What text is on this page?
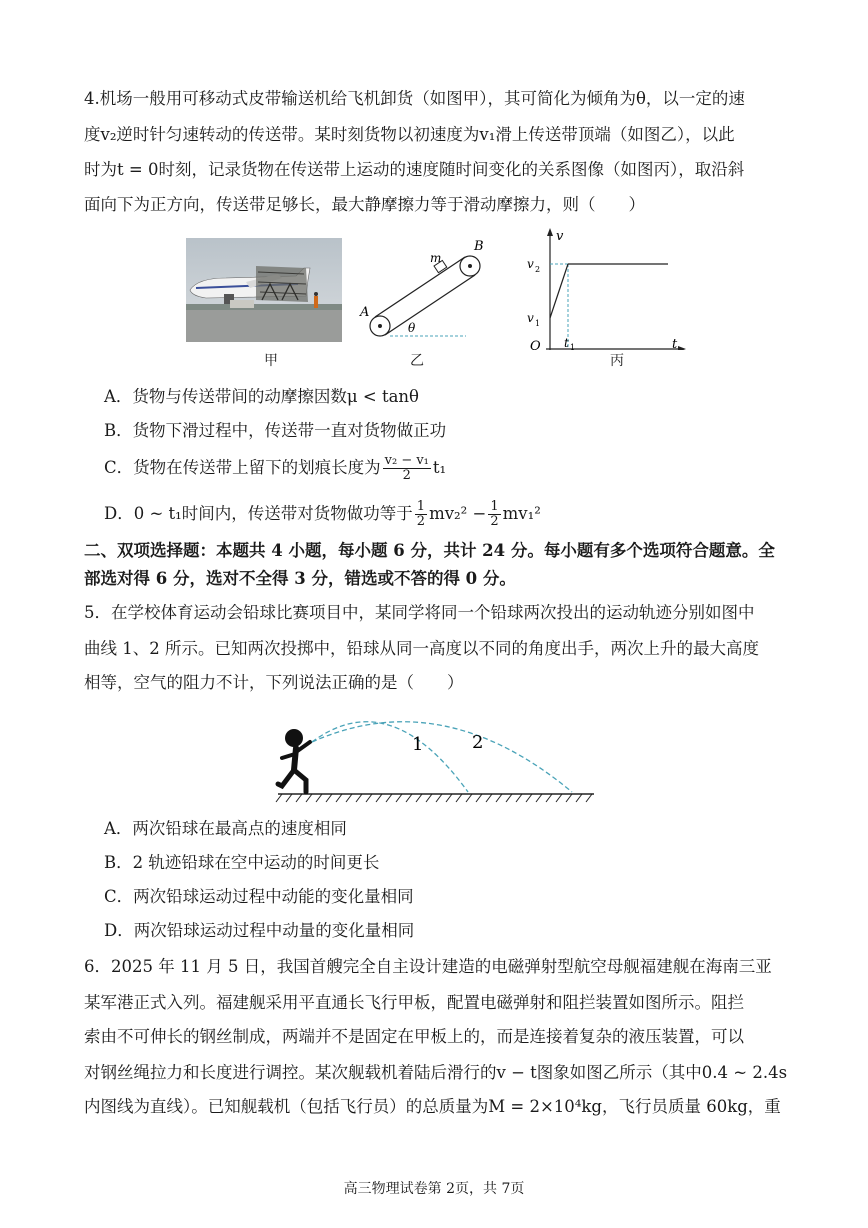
4.机场一般用可移动式皮带输送机给飞机卸货（如图甲），其可简化为倾角为θ，以一定的速
度v₂逆时针匀速转动的传送带。某时刻货物以初速度为v₁滑上传送带顶端（如图乙），以此
时为t = 0时刻，记录货物在传送带上运动的速度随时间变化的关系图像（如图丙），取沿斜
面向下为正方向，传送带足够长，最大静摩擦力等于滑动摩擦力，则（　　）
甲
m
B
A
θ
乙
v
v 2
v 1
O t 1	t
丙
A．货物与传送带间的动摩擦因数μ < tanθ
B．货物下滑过程中，传送带一直对货物做正功
C．货物在传送带上留下的划痕长度为 $\frac{\text{v₂ − v₁}}{2} t_1$
D．0 ~ t₁时间内，传送带对货物做功等于 $\frac{1}{2} mv_2^2 - \frac{1}{2} mv_1^2$
二、双项选择题：本题共 4 小题，每小题 6 分，共计 24 分。每小题有多个选项符合题意。全
部选对得 6 分，选对不全得 3 分，错选或不答的得 0 分。
5．在学校体育运动会铅球比赛项目中，某同学将同一个铅球两次投出的运动轨迹分别如图中
曲线 1、2 所示。已知两次投掷中，铅球从同一高度以不同的角度出手，两次上升的最大高度
相等，空气的阻力不计，下列说法正确的是（　　）
1	2
A．两次铅球在最高点的速度相同
B．2 轨迹铅球在空中运动的时间更长
C．两次铅球运动过程中动能的变化量相同
D．两次铅球运动过程中动量的变化量相同
6．2025 年 11 月 5 日，我国首艘完全自主设计建造的电磁弹射型航空母舰福建舰在海南三亚
某军港正式入列。福建舰采用平直通长飞行甲板，配置电磁弹射和阻拦装置如图所示。阻拦
索由不可伸长的钢丝制成，两端并不是固定在甲板上的，而是连接着复杂的液压装置，可以
对钢丝绳拉力和长度进行调控。某次舰载机着陆后滑行的v − t图象如图乙所示（其中0.4 ~ 2.4s
内图线为直线）。已知舰载机（包括飞行员）的总质量为M = 2×10⁴kg，飞行员质量 60kg，重
高三物理试卷第 2页，共 7页
